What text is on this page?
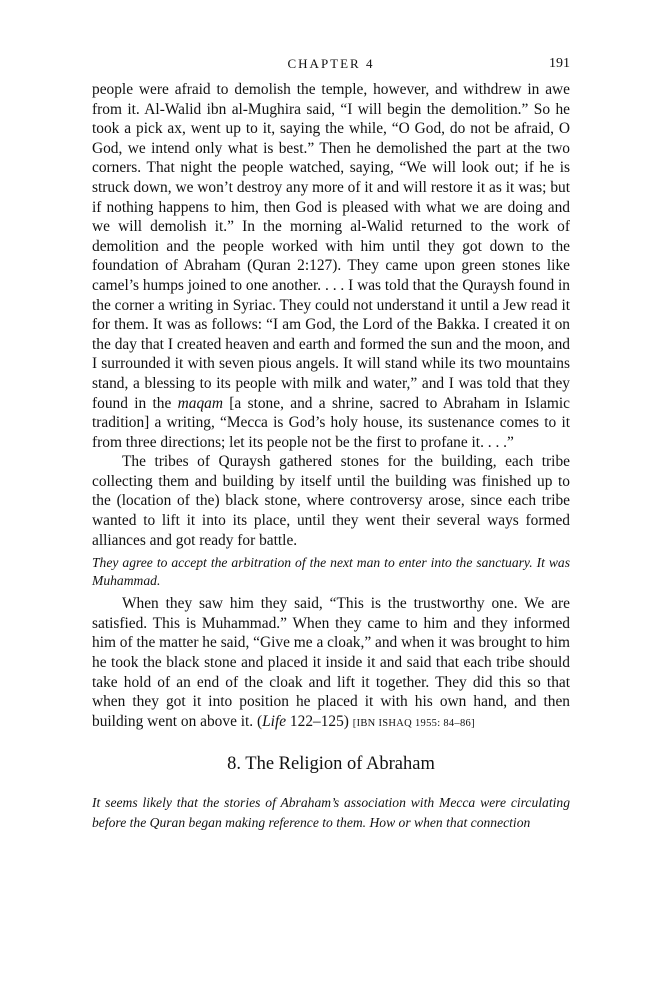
CHAPTER 4	191

people were afraid to demolish the temple, however, and withdrew in awe from it. Al-Walid ibn al-Mughira said, “I will begin the demolition.” So he took a pick ax, went up to it, saying the while, “O God, do not be afraid, O God, we intend only what is best.” Then he demolished the part at the two corners. That night the people watched, saying, “We will look out; if he is struck down, we won’t destroy any more of it and will restore it as it was; but if nothing happens to him, then God is pleased with what we are doing and we will demolish it.” In the morning al-Walid returned to the work of demolition and the people worked with him until they got down to the foundation of Abraham (Quran 2:127). They came upon green stones like camel’s humps joined to one another. . . . I was told that the Quraysh found in the corner a writing in Syriac. They could not understand it until a Jew read it for them. It was as follows: “I am God, the Lord of the Bakka. I created it on the day that I created heaven and earth and formed the sun and the moon, and I surrounded it with seven pious angels. It will stand while its two mountains stand, a blessing to its people with milk and water,” and I was told that they found in the maqam [a stone, and a shrine, sacred to Abraham in Islamic tradition] a writing, “Mecca is God’s holy house, its sustenance comes to it from three directions; let its people not be the first to profane it. . . .”

The tribes of Quraysh gathered stones for the building, each tribe collecting them and building by itself until the building was finished up to the (location of the) black stone, where controversy arose, since each tribe wanted to lift it into its place, until they went their several ways formed alliances and got ready for battle.

They agree to accept the arbitration of the next man to enter into the sanctuary. It was Muhammad.

When they saw him they said, “This is the trustworthy one. We are satisfied. This is Muhammad.” When they came to him and they informed him of the matter he said, “Give me a cloak,” and when it was brought to him he took the black stone and placed it inside it and said that each tribe should take hold of an end of the cloak and lift it together. They did this so that when they got it into position he placed it with his own hand, and then building went on above it. (Life 122–125) [IBN ISHAQ 1955: 84–86]

8. The Religion of Abraham

It seems likely that the stories of Abraham’s association with Mecca were circulating before the Quran began making reference to them. How or when that connection
